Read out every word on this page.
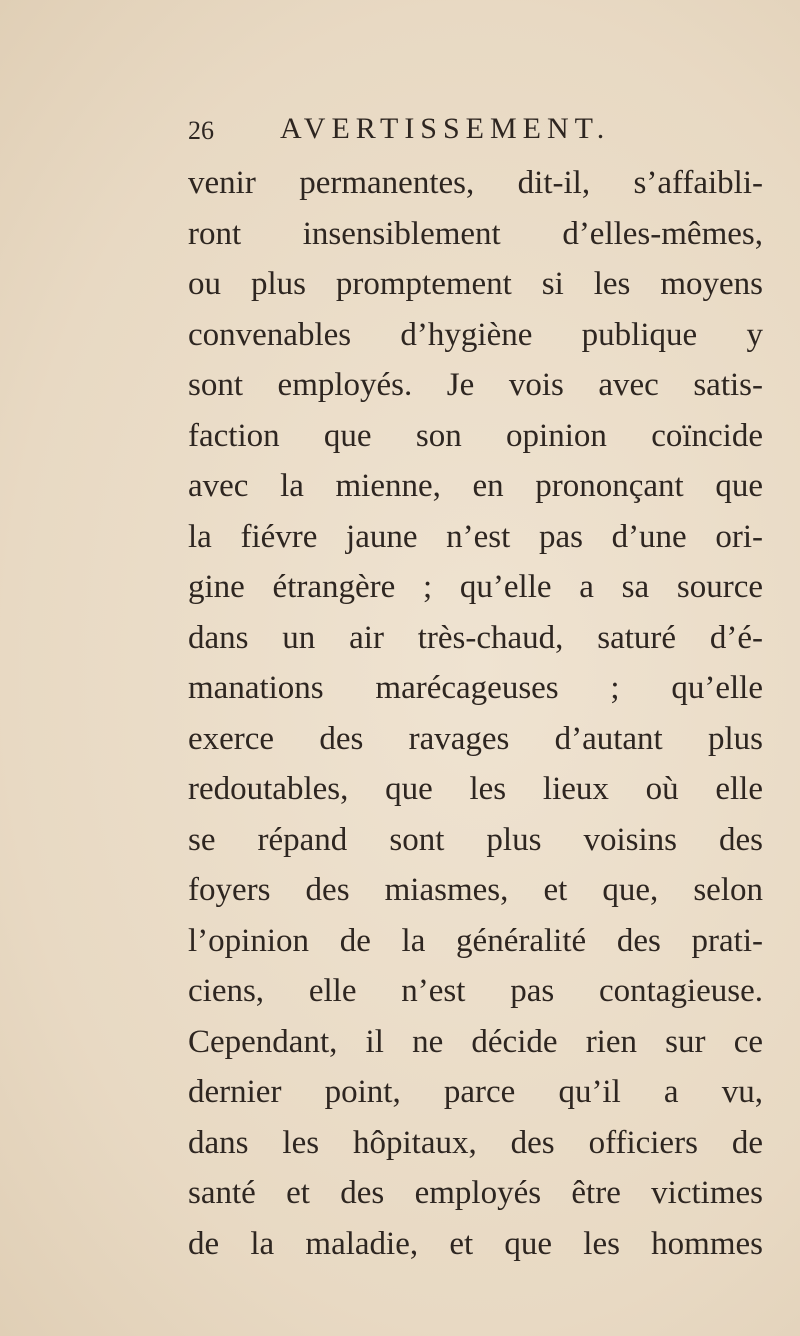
26 AVERTISSEMENT.
venir permanentes, dit-il, s’affaibli-
ront insensiblement d’elles-mêmes,
ou plus promptement si les moyens
convenables d’hygiène publique y
sont employés. Je vois avec satis-
faction que son opinion coïncide
avec la mienne, en prononçant que
la fiévre jaune n’est pas d’une ori-
gine étrangère ; qu’elle a sa source
dans un air très-chaud, saturé d’é-
manations marécageuses ; qu’elle
exerce des ravages d’autant plus
redoutables, que les lieux où elle
se répand sont plus voisins des
foyers des miasmes, et que, selon
l’opinion de la généralité des prati-
ciens, elle n’est pas contagieuse.
Cependant, il ne décide rien sur ce
dernier point, parce qu’il a vu,
dans les hôpitaux, des officiers de
santé et des employés être victimes
de la maladie, et que les hommes
